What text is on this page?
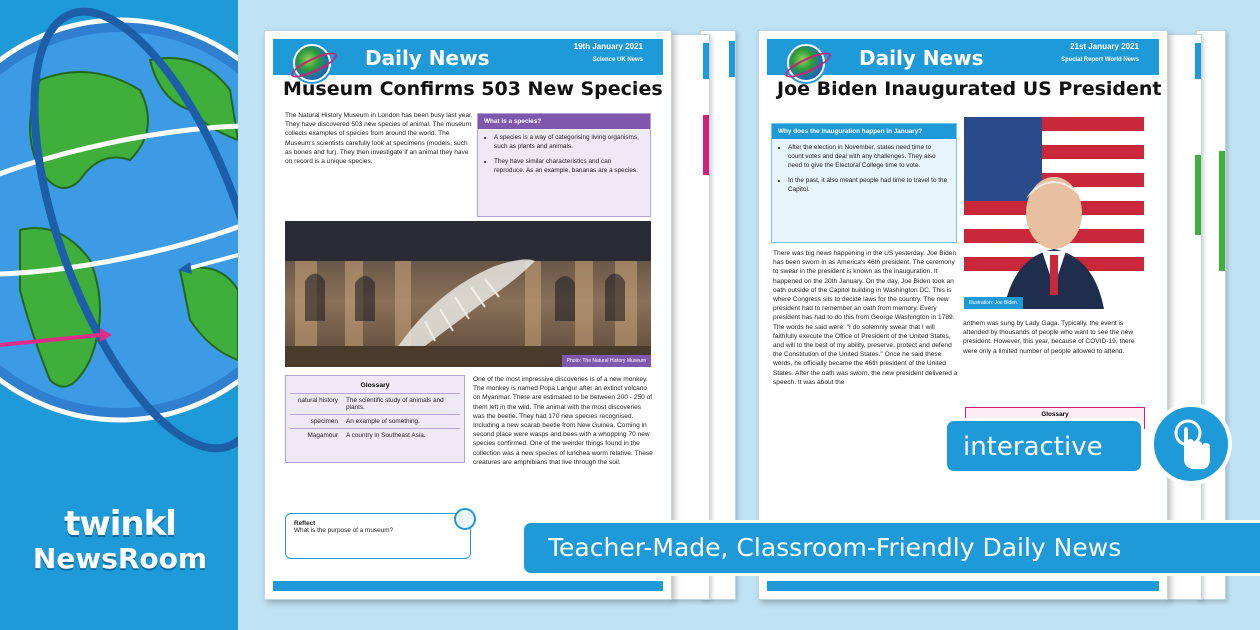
twinkl
NewsRoom
Daily News	19th January 2021
Science UK News
Museum Confirms 503 New Species
The Natural History Museum in London has been busy last year. They have discovered 503 new species of animal. The museum collects examples of species from around the world. The Museum's scientists carefully look at specimens (models, such as bones and fur). They then investigate if an animal they have on record is a unique species.
What is a species?
• A species is a way of categorising living organisms, such as plants and animals.
• They have similar characteristics and can reproduce. As an example, bananas are a species.
Photo: The Natural History Museum
Glossary
natural history	The scientific study of animals and plants.
specimen	An example of something.
Magamour	A country in Southeast Asia.
One of the most impressive discoveries is of a new monkey. The monkey is named Popa Langur after an extinct volcano on Myanmar. There are estimated to be between 200 - 250 of them left in the wild. The animal with the most discoveries was the beetle. They had 170 new species recognised. Including a new scarab beetle from New Guinea. Coming in second place were wasps and bees with a whopping 70 new species confirmed. One of the weirder things found in the collection was a new species of lunchea worm relative. These creatures are amphibians that live through the soil.
Reflect
What is the purpose of a museum?
Daily News	21st January 2021
Special Report World News
Joe Biden Inaugurated US President
Why does the inauguration happen in January?
• After the election in November, states need time to count votes and deal with any challenges. They also need to give the Electoral College time to vote.
• In the past, it also meant people had time to travel to the Capitol.
Illustration: Joe Biden.
There was big news happening in the US yesterday. Joe Biden has been sworn in as America's 46th president. The ceremony to swear in the president is known as the inauguration. It happened on the 20th January. On the day, Joe Biden took an oath outside of the Capitol building in Washington DC. This is where Congress sits to decide laws for the country. The new president had to remember an oath from memory. Every president has had to do this from George Washington in 1789. The words he said were: "I do solemnly swear that I will faithfully execute the Office of President of the United States, and will to the best of my ability, preserve, protect and defend the Constitution of the United States." Once he said these words, he officially became the 46th president of the United States. After the oath was sworn, the new president delivered a speech. It was about the
anthem was sung by Lady Gaga. Typically, the event is attended by thousands of people who want to see the new president. However, this year, because of COVID-19, there were only a limited number of people allowed to attend.
Glossary
interactive
Teacher-Made, Classroom-Friendly Daily News
